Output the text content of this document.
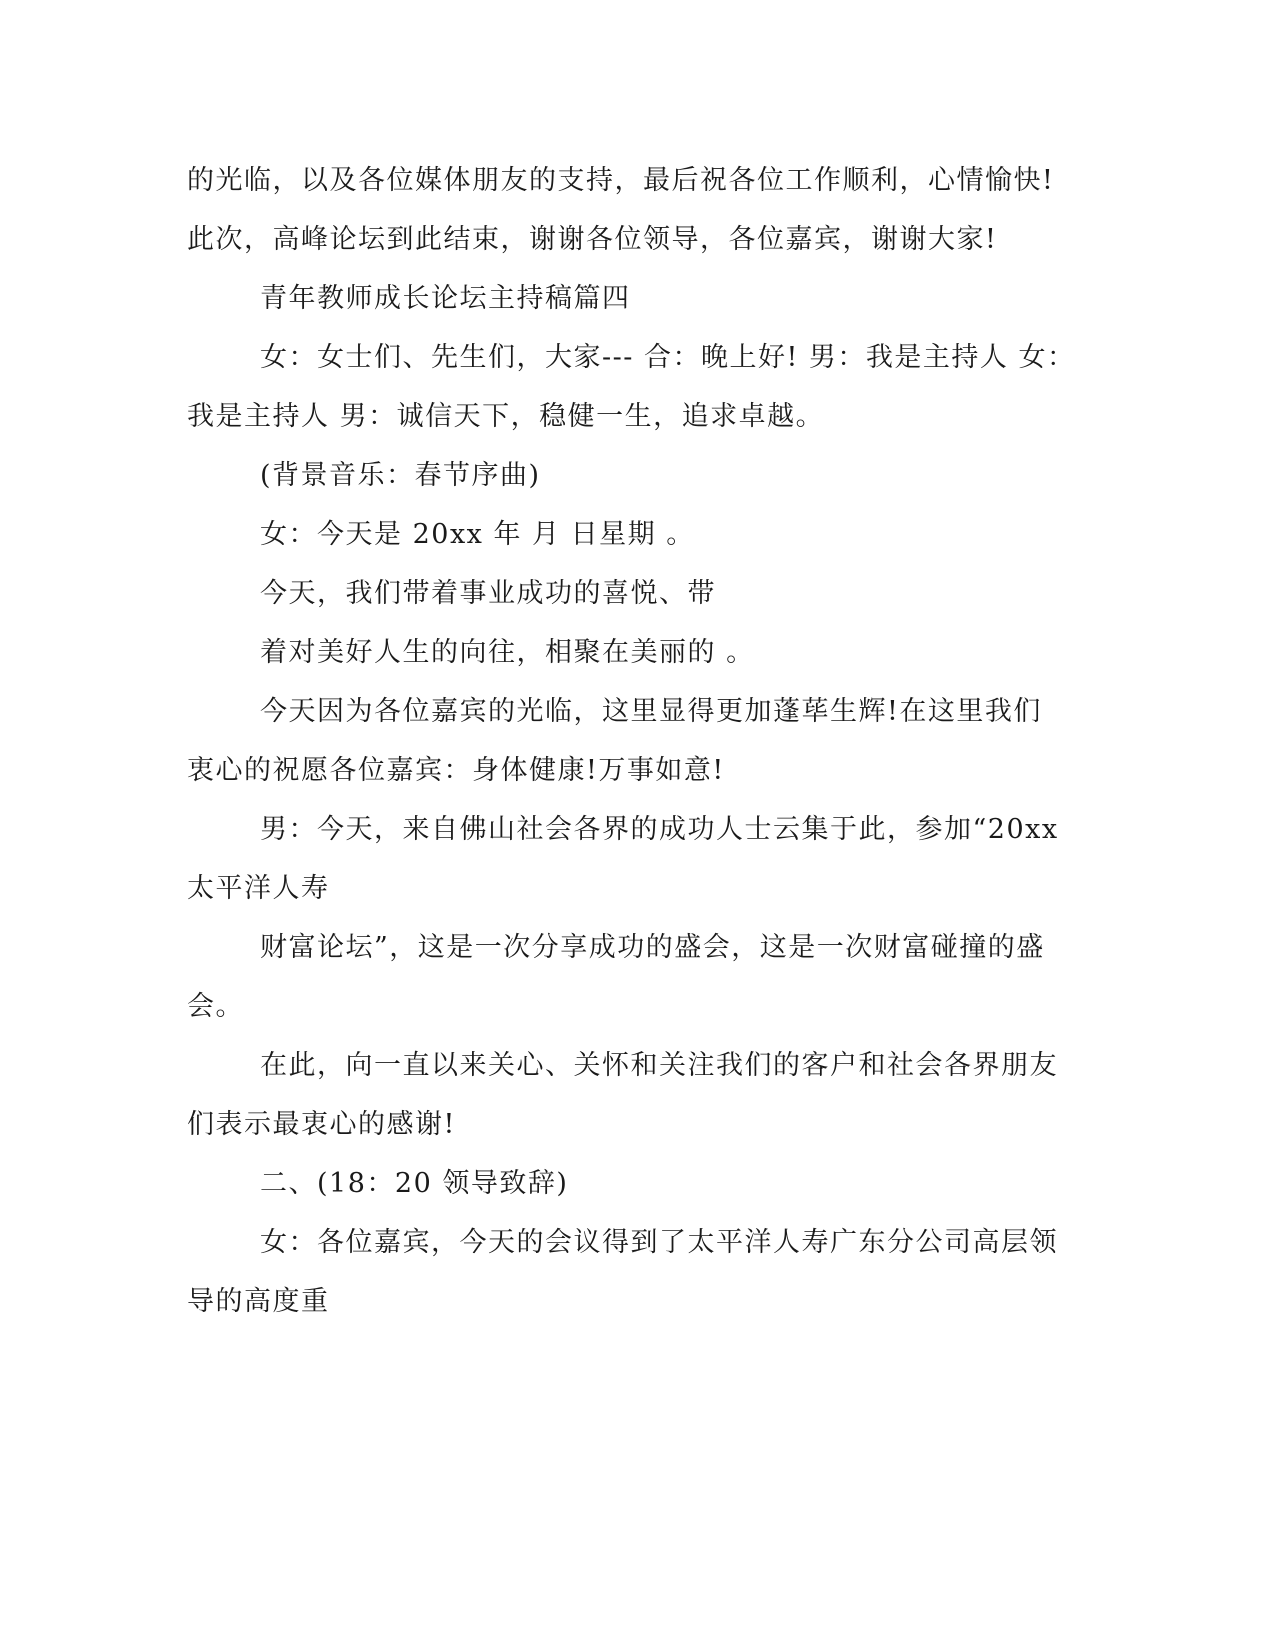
的光临，以及各位媒体朋友的支持，最后祝各位工作顺利，心情愉快!
此次，高峰论坛到此结束，谢谢各位领导，各位嘉宾，谢谢大家!
青年教师成长论坛主持稿篇四
女：女士们、先生们，大家--- 合：晚上好! 男：我是主持人 女：
我是主持人 男：诚信天下，稳健一生，追求卓越。
(背景音乐：春节序曲)
女：今天是 20xx 年 月 日星期 。
今天，我们带着事业成功的喜悦、带
着对美好人生的向往，相聚在美丽的 。
今天因为各位嘉宾的光临，这里显得更加蓬荜生辉!在这里我们
衷心的祝愿各位嘉宾：身体健康!万事如意!
男：今天，来自佛山社会各界的成功人士云集于此，参加“20xx
太平洋人寿
财富论坛”，这是一次分享成功的盛会，这是一次财富碰撞的盛
会。
在此，向一直以来关心、关怀和关注我们的客户和社会各界朋友
们表示最衷心的感谢!
二、(18：20 领导致辞)
女：各位嘉宾，今天的会议得到了太平洋人寿广东分公司高层领
导的高度重
